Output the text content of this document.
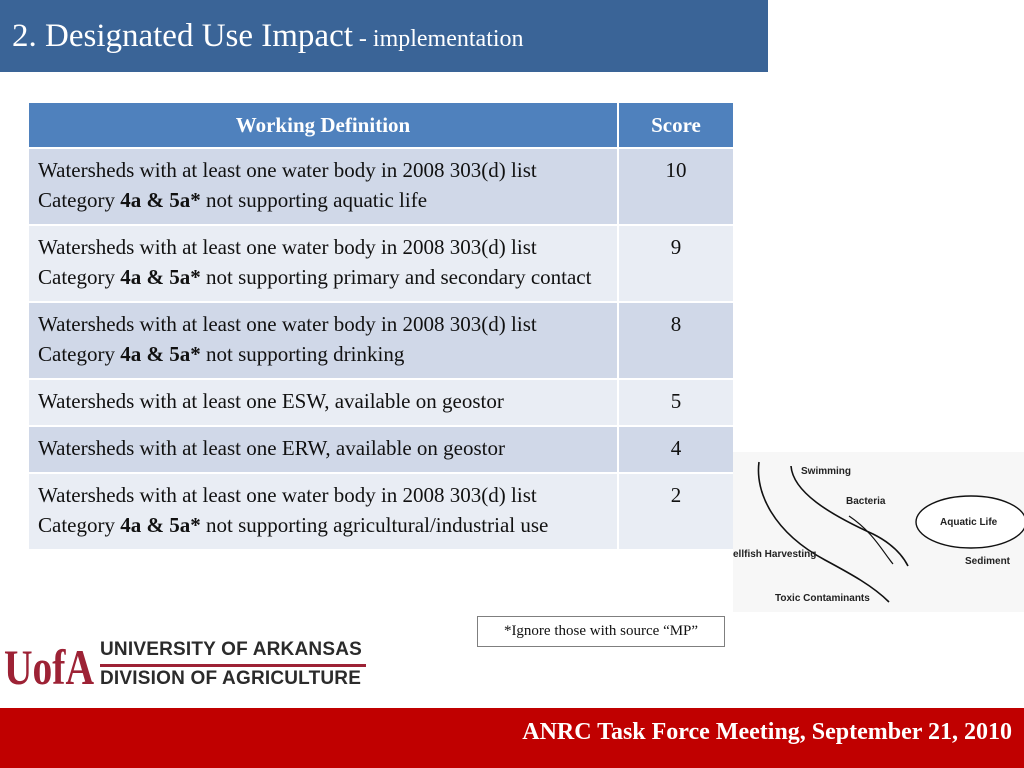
2. Designated Use Impact - implementation
Working Definition	Score
Watersheds with at least one water body in 2008 303(d) list Category 4a & 5a* not supporting aquatic life	10
Watersheds with at least one water body in 2008 303(d) list Category 4a & 5a* not supporting primary and secondary contact	9
Watersheds with at least one water body in 2008 303(d) list Category 4a & 5a* not supporting drinking	8
Watersheds with at least one ESW, available on geostor	5
Watersheds with at least one ERW, available on geostor	4
Watersheds with at least one water body in 2008 303(d) list Category 4a & 5a* not supporting agricultural/industrial use	2
*Ignore those with source “MP”
Swimming
Bacteria
Aquatic Life
ellfish Harvesting
Sediment
Toxic Contaminants
UofA UNIVERSITY OF ARKANSAS
DIVISION OF AGRICULTURE
ANRC Task Force Meeting, September 21, 2010
